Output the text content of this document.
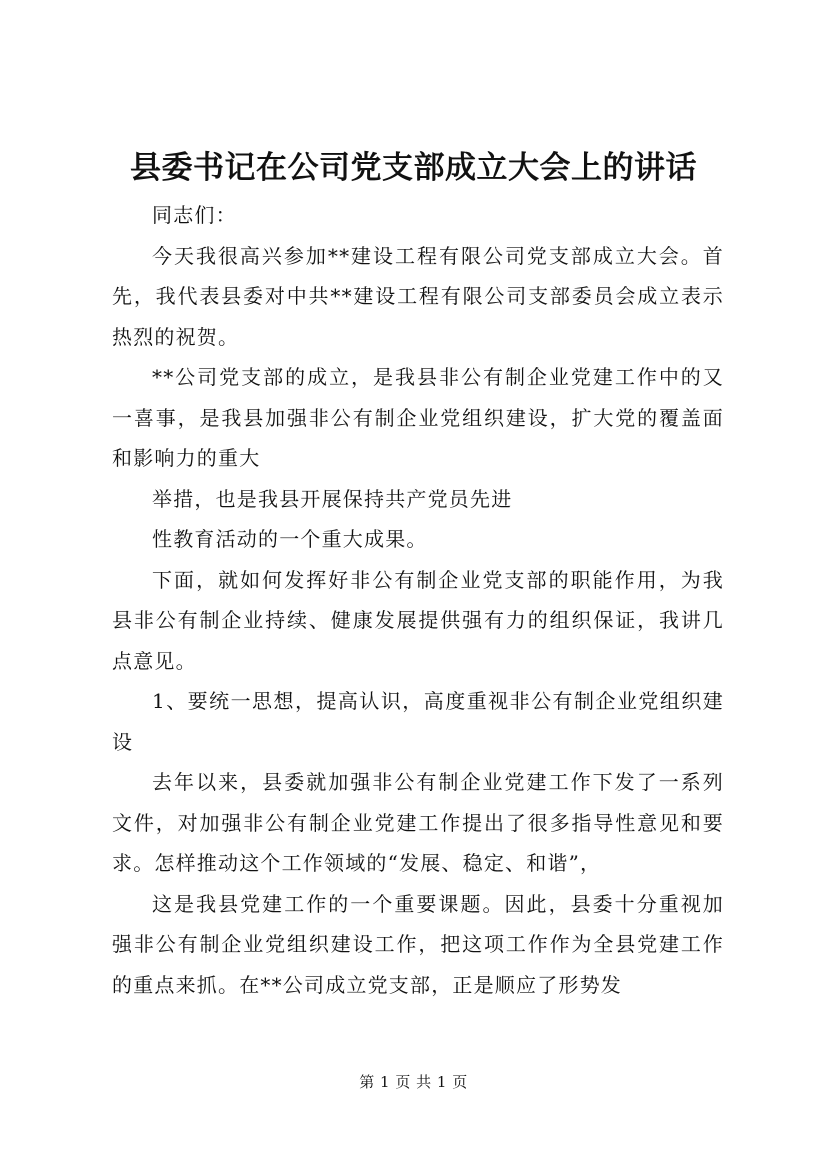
县委书记在公司党支部成立大会上的讲话

同志们：

今天我很高兴参加**建设工程有限公司党支部成立大会。首先，我代表县委对中共**建设工程有限公司支部委员会成立表示热烈的祝贺。

**公司党支部的成立，是我县非公有制企业党建工作中的又一喜事，是我县加强非公有制企业党组织建设，扩大党的覆盖面和影响力的重大

举措，也是我县开展保持共产党员先进

性教育活动的一个重大成果。

下面，就如何发挥好非公有制企业党支部的职能作用，为我县非公有制企业持续、健康发展提供强有力的组织保证，我讲几点意见。

1、要统一思想，提高认识，高度重视非公有制企业党组织建设

去年以来，县委就加强非公有制企业党建工作下发了一系列文件，对加强非公有制企业党建工作提出了很多指导性意见和要求。怎样推动这个工作领域的“发展、稳定、和谐”，

这是我县党建工作的一个重要课题。因此，县委十分重视加强非公有制企业党组织建设工作，把这项工作作为全县党建工作的重点来抓。在**公司成立党支部，正是顺应了形势发

第 1 页 共 1 页
